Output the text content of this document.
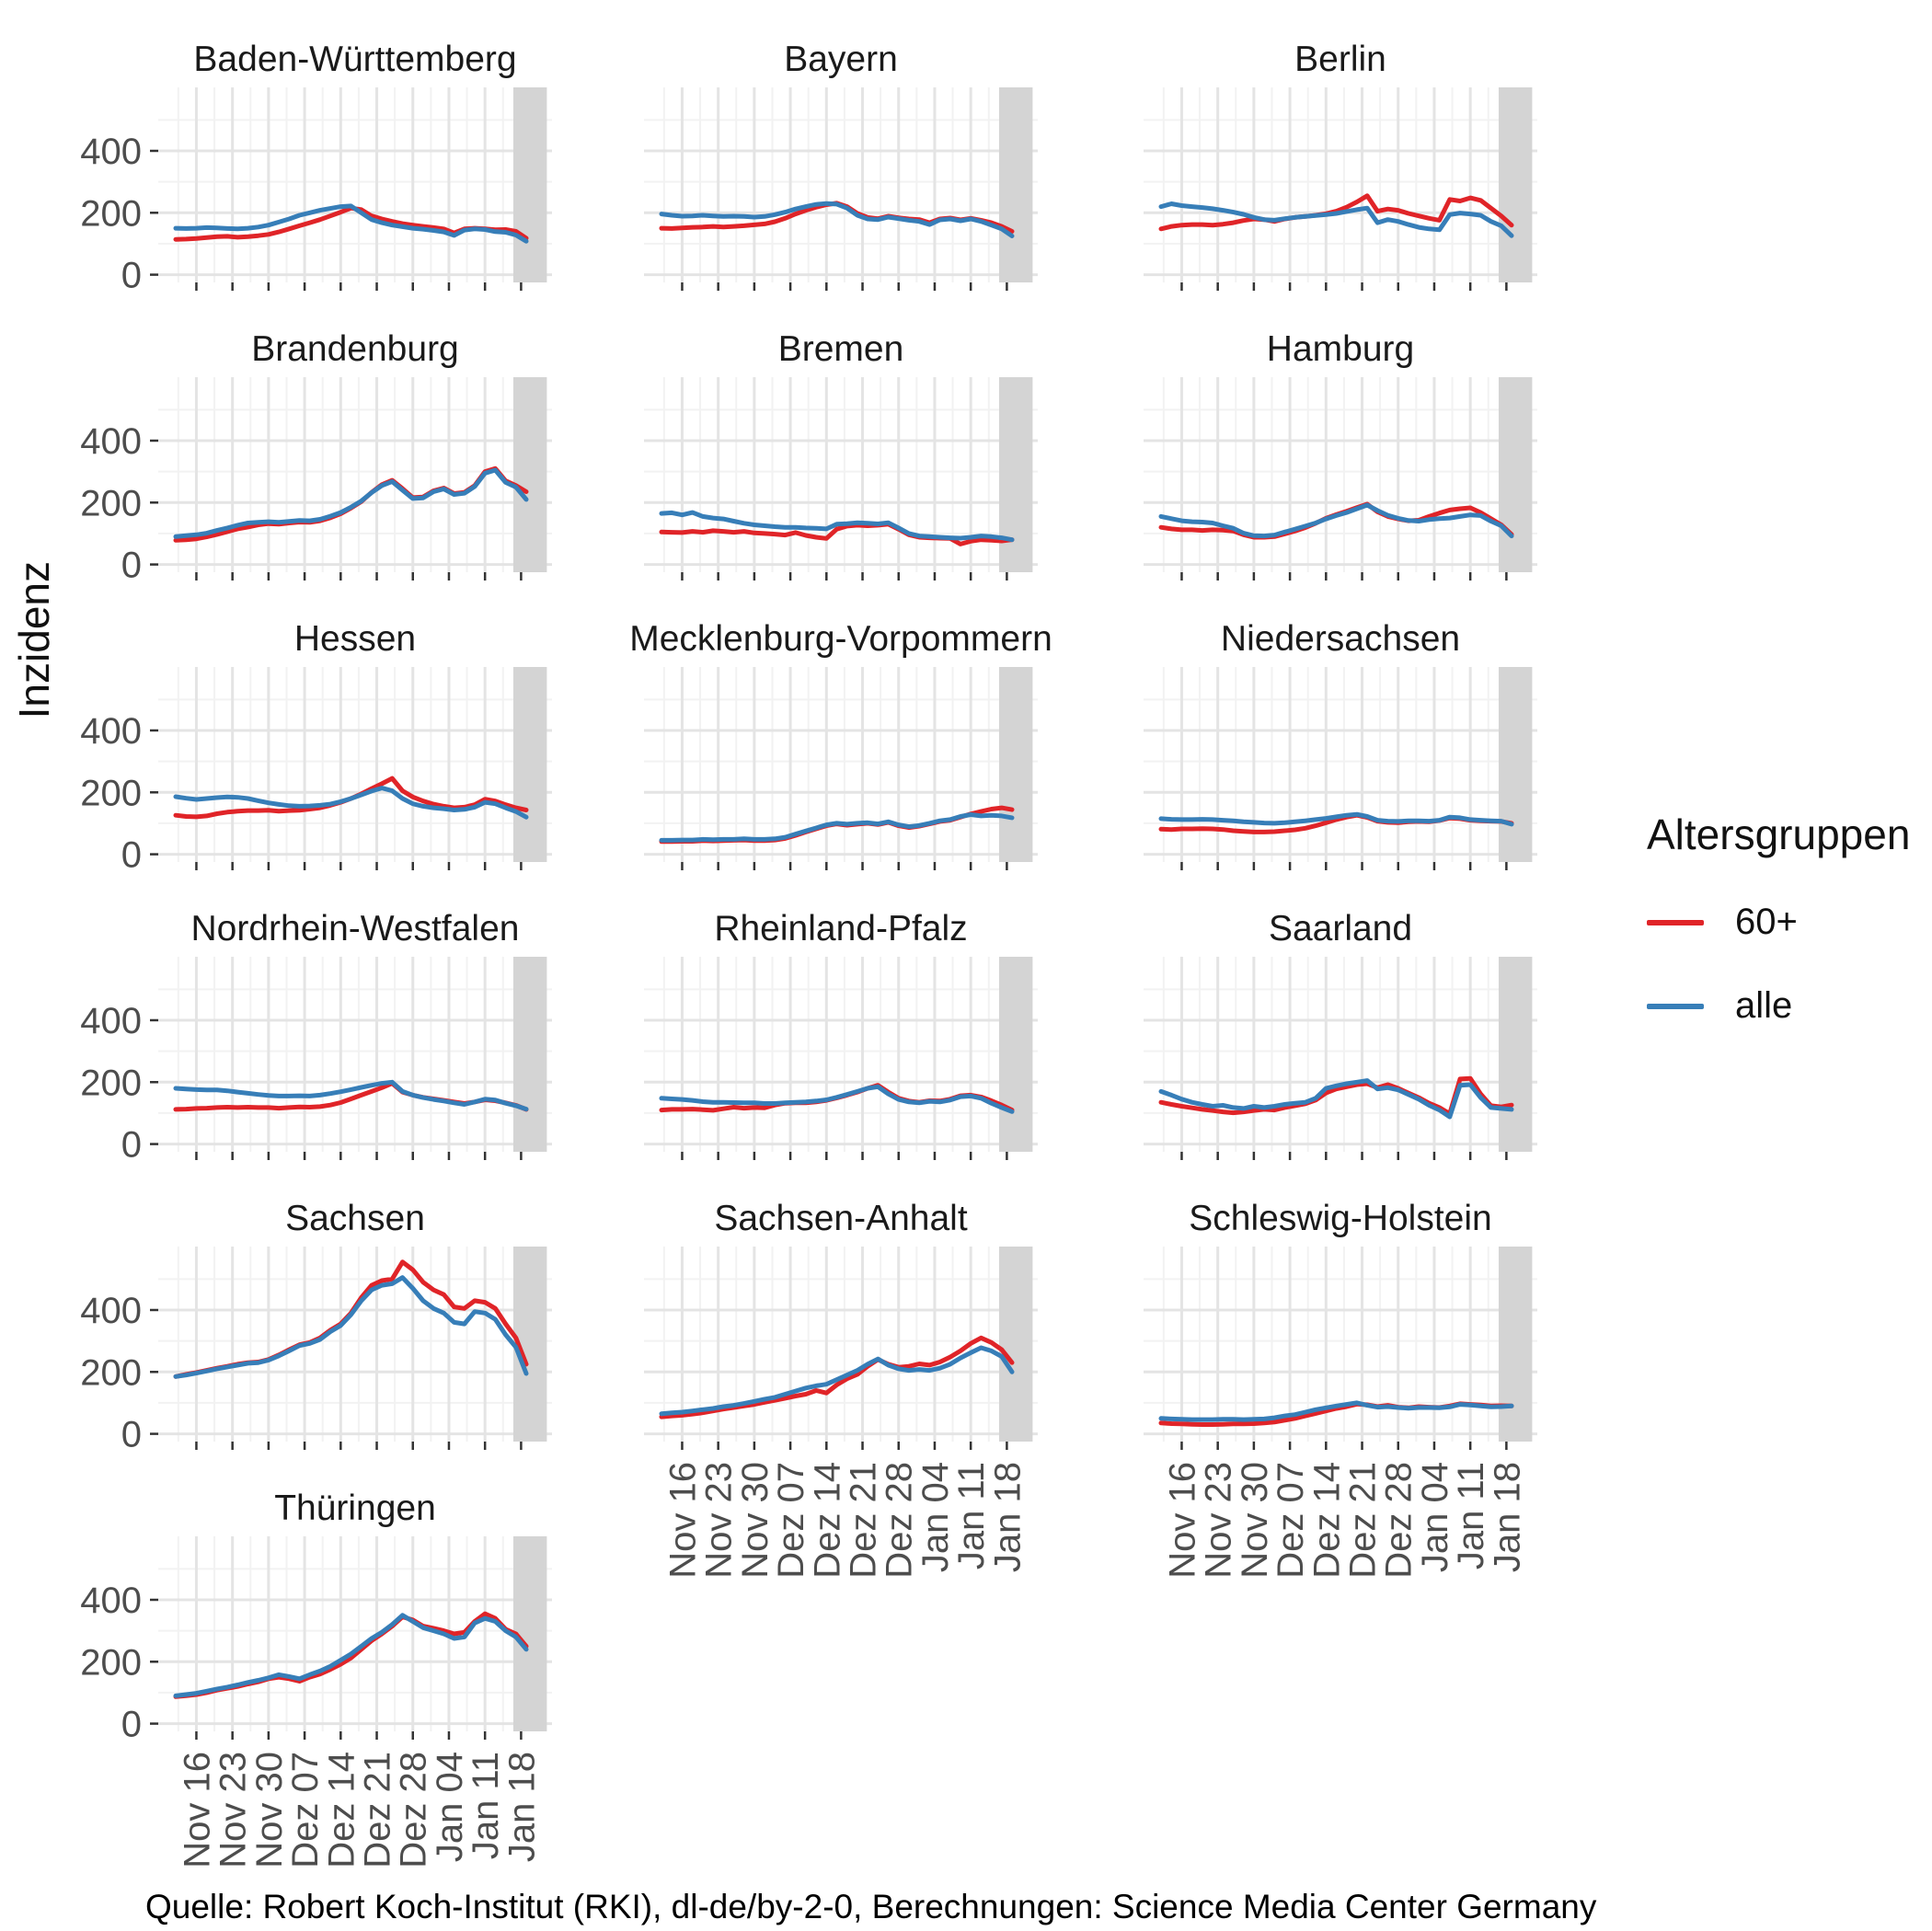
Baden-Württemberg
0
200
400
Bayern	Berlin
Brandenburg
0
200
400
Bremen	Hamburg
Hessen
0
200
400
Mecklenburg-Vorpommern	Niedersachsen
Nordrhein-Westfalen
0
200
400
Rheinland-Pfalz	Saarland
Sachsen
0
200
400
Sachsen-Anhalt
Nov 16
Nov 23
Nov 30
Dez 07
Dez 14
Dez 21
Dez 28
Jan 04
Jan 11
Jan 18
Schleswig-Holstein
Nov 16
Nov 23
Nov 30
Dez 07
Dez 14
Dez 21
Dez 28
Jan 04
Jan 11
Jan 18
Thüringen
0
200
400
Nov 16
Nov 23
Nov 30
Dez 07
Dez 14
Dez 21
Dez 28
Jan 04
Jan 11
Jan 18
Inzidenz
Altersgruppen
60+
alle
Quelle: Robert Koch-Institut (RKI), dl-de/by-2-0, Berechnungen: Science Media Center Germany
